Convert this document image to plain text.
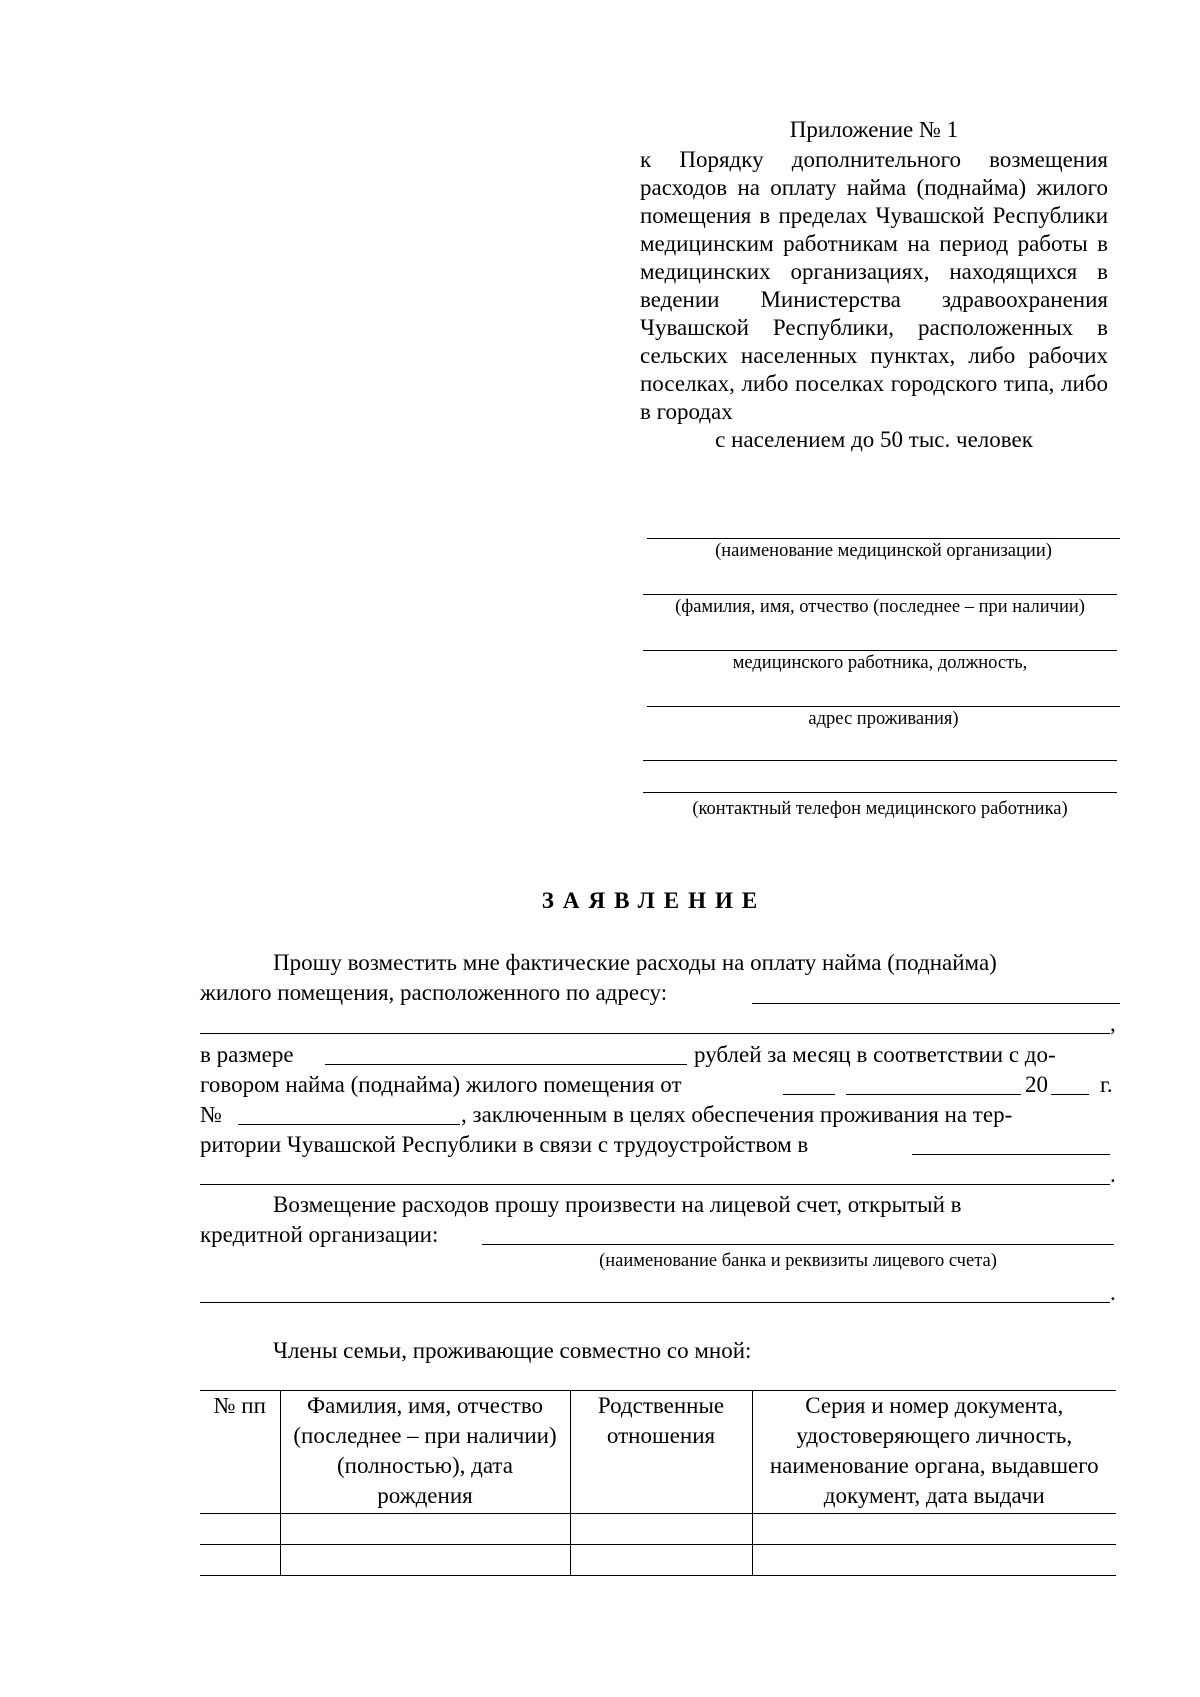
Приложение № 1
к Порядку дополнительного возмещения расходов на оплату найма (поднайма) жилого помещения в пределах Чувашской Республики медицинским работникам на период работы в медицинских организациях, находящихся в ведении Министерства здравоохранения Чувашской Республики, расположенных в сельских населенных пунктах, либо рабочих поселках, либо поселках городского типа, либо в городах
с населением до 50 тыс. человек
(наименование медицинской организации)
(фамилия, имя, отчество (последнее – при наличии)
медицинского работника, должность,
адрес проживания)
(контактный телефон медицинского работника)
ЗАЯВЛЕНИЕ
Прошу возместить мне фактические расходы на оплату найма (поднайма)
жилого помещения, расположенного по адресу:
,
в размере	рублей за месяц в соответствии с до-
говором найма (поднайма) жилого помещения от	20 г.
№	, заключенным в целях обеспечения проживания на тер-
ритории Чувашской Республики в связи с трудоустройством в
.
Возмещение расходов прошу произвести на лицевой счет, открытый в
кредитной организации:
(наименование банка и реквизиты лицевого счета)
.
Члены семьи, проживающие совместно со мной:
№ пп	Фамилия, имя, отчество (последнее – при наличии) (полностью), дата рождения	Родственные отношения	Серия и номер документа, удостоверяющего личность, наименование органа, выдавшего документ, дата выдачи
